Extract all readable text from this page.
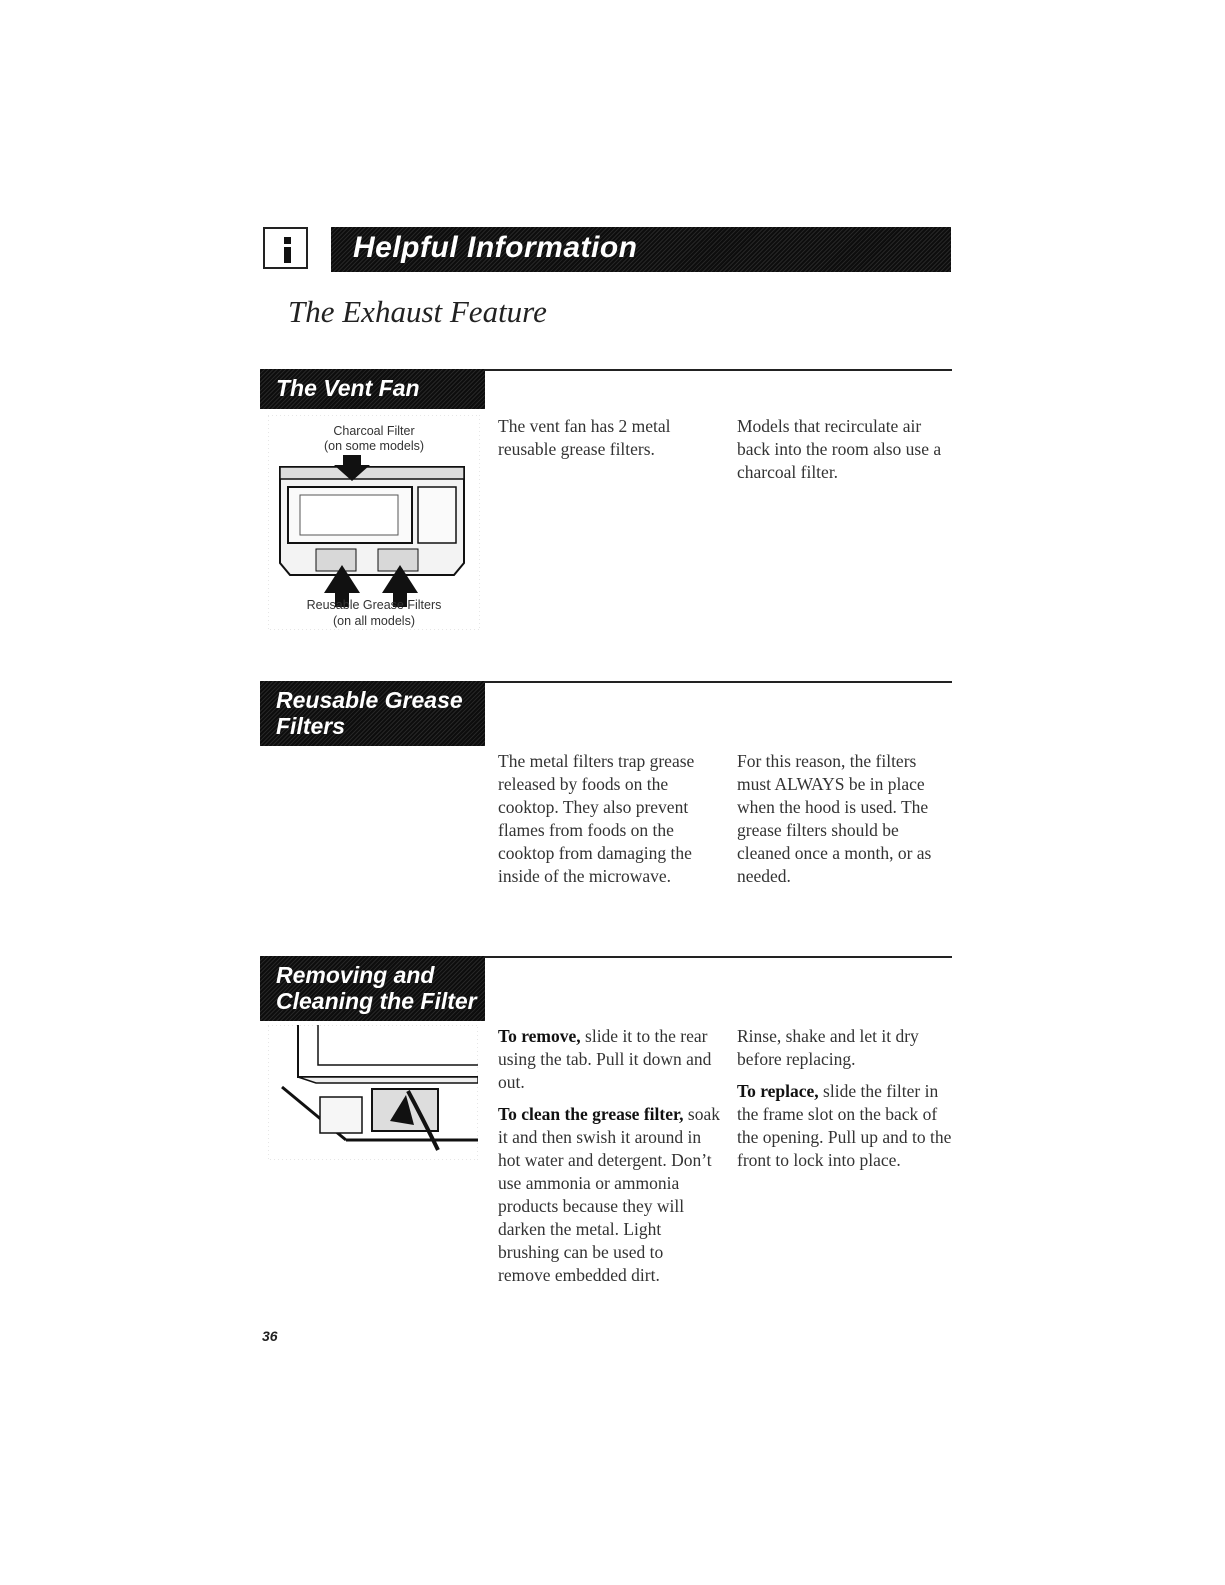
Helpful Information
The Exhaust Feature
The Vent Fan
Charcoal Filter
(on some models)
Reusable Grease Filters
(on all models)

The vent fan has 2 metal reusable grease filters.

Models that recirculate air back into the room also use a charcoal filter.

Reusable Grease
Filters

The metal filters trap grease released by foods on the cooktop. They also prevent flames from foods on the cooktop from damaging the inside of the microwave.

For this reason, the filters must ALWAYS be in place when the hood is used. The grease filters should be cleaned once a month, or as needed.

Removing and
Cleaning the Filter

To remove, slide it to the rear using the tab. Pull it down and out.

To clean the grease filter, soak it and then swish it around in hot water and detergent. Don’t use ammonia or ammonia products because they will darken the metal. Light brushing can be used to remove embedded dirt.

Rinse, shake and let it dry before replacing.

To replace, slide the filter in the frame slot on the back of the opening. Pull up and to the front to lock into place.

36
